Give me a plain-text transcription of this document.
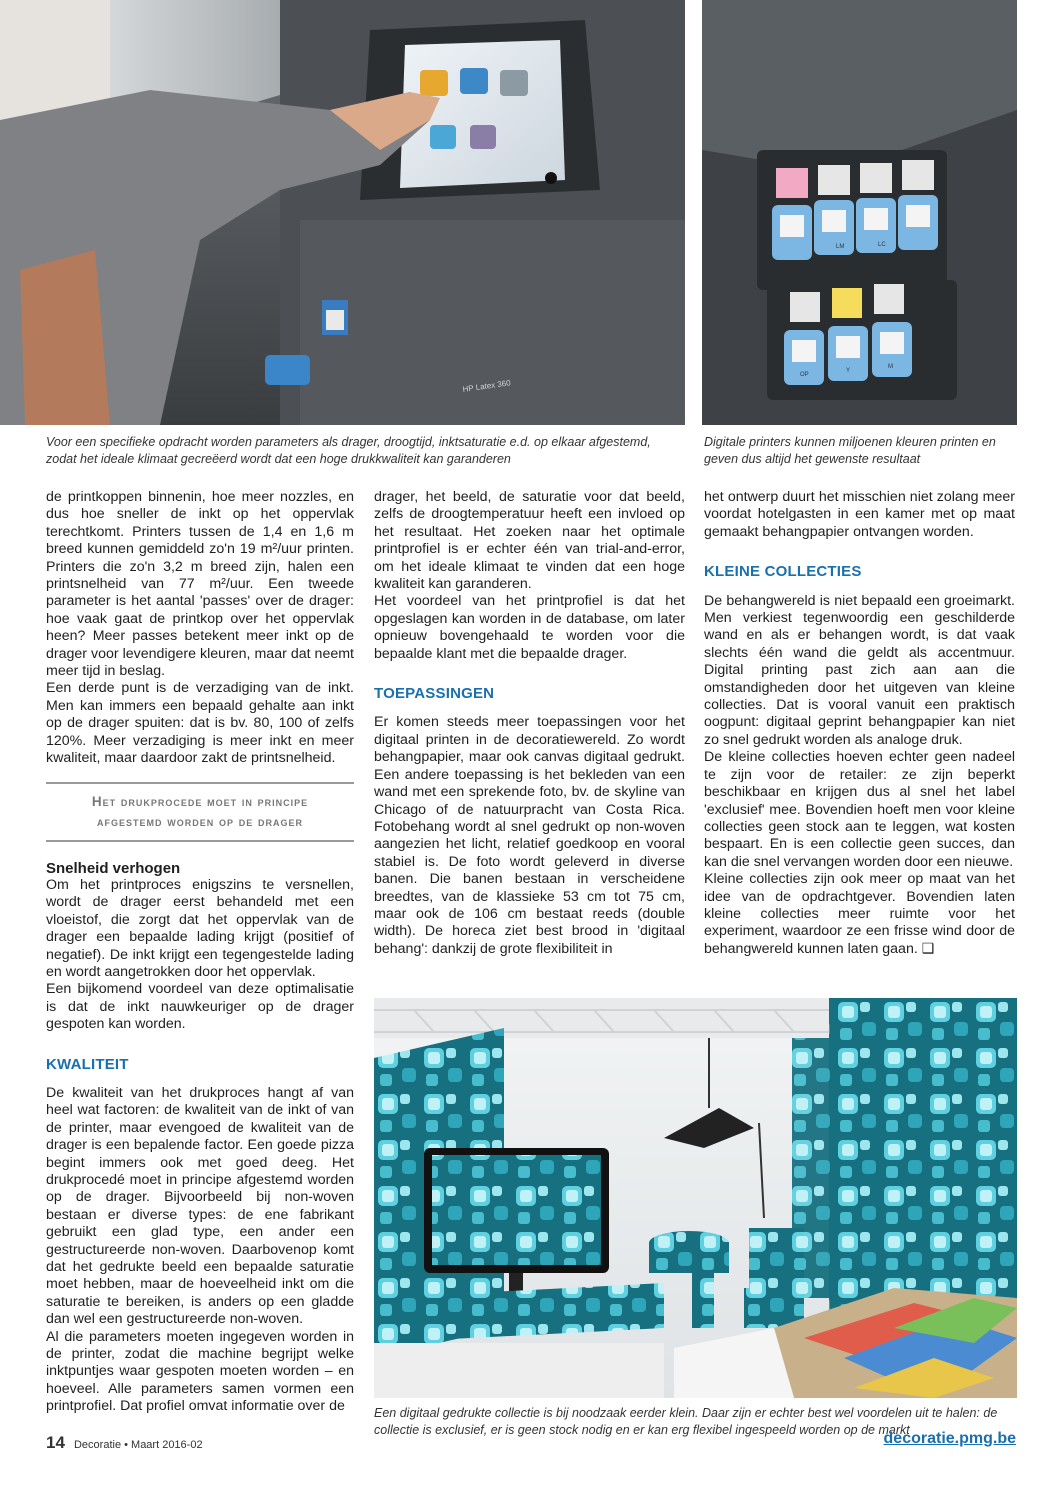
HP Latex 360
LM	LC
OP
Y
M
Voor een specifieke opdracht worden parameters als drager, droogtijd, inktsaturatie e.d. op elkaar afgestemd, zodat het ideale klimaat gecreëerd wordt dat een hoge drukkwaliteit kan garanderen
Digitale printers kunnen miljoenen kleuren printen en geven dus altijd het gewenste resultaat

de printkoppen binnenin, hoe meer nozzles, en dus hoe sneller de inkt op het oppervlak terechtkomt. Printers tussen de 1,4 en 1,6 m breed kunnen gemiddeld zo'n 19 m²/uur printen. Printers die zo'n 3,2 m breed zijn, halen een printsnelheid van 77 m²/uur. Een tweede parameter is het aantal 'passes' over de drager: hoe vaak gaat de printkop over het oppervlak heen? Meer passes betekent meer inkt op de drager voor levendigere kleuren, maar dat neemt meer tijd in beslag.

Een derde punt is de verzadiging van de inkt. Men kan immers een bepaald gehalte aan inkt op de drager spuiten: dat is bv. 80, 100 of zelfs 120%. Meer verzadiging is meer inkt en meer kwaliteit, maar daardoor zakt de printsnelheid.

Het drukprocede moet in principe
afgestemd worden op de drager

Snelheid verhogen

Om het printproces enigszins te versnellen, wordt de drager eerst behandeld met een vloeistof, die zorgt dat het oppervlak van de drager een bepaalde lading krijgt (positief of negatief). De inkt krijgt een tegengestelde lading en wordt aangetrokken door het oppervlak.

Een bijkomend voordeel van deze optimalisatie is dat de inkt nauwkeuriger op de drager gespoten kan worden.

KWALITEIT

De kwaliteit van het drukproces hangt af van heel wat factoren: de kwaliteit van de inkt of van de printer, maar evengoed de kwaliteit van de drager is een bepalende factor. Een goede pizza begint immers ook met goed deeg. Het drukprocedé moet in principe afgestemd worden op de drager. Bijvoorbeeld bij non-woven bestaan er diverse types: de ene fabrikant gebruikt een glad type, een ander een gestructureerde non-woven. Daarbovenop komt dat het gedrukte beeld een bepaalde saturatie moet hebben, maar de hoeveelheid inkt om die saturatie te bereiken, is anders op een gladde dan wel een gestructureerde non-woven.

Al die parameters moeten ingegeven worden in de printer, zodat die machine begrijpt welke inktpuntjes waar gespoten moeten worden – en hoeveel. Alle parameters samen vormen een printprofiel. Dat profiel omvat informatie over de

drager, het beeld, de saturatie voor dat beeld, zelfs de droogtemperatuur heeft een invloed op het resultaat. Het zoeken naar het optimale printprofiel is er echter één van trial-and-error, om het ideale klimaat te vinden dat een hoge kwaliteit kan garanderen.

Het voordeel van het printprofiel is dat het opgeslagen kan worden in de database, om later opnieuw bovengehaald te worden voor die bepaalde klant met die bepaalde drager.

TOEPASSINGEN

Er komen steeds meer toepassingen voor het digitaal printen in de decoratiewereld. Zo wordt behangpapier, maar ook canvas digitaal gedrukt. Een andere toepassing is het bekleden van een wand met een sprekende foto, bv. de skyline van Chicago of de natuurpracht van Costa Rica. Fotobehang wordt al snel gedrukt op non-woven aangezien het licht, relatief goedkoop en vooral stabiel is. De foto wordt geleverd in diverse banen. Die banen bestaan in verscheidene breedtes, van de klassieke 53 cm tot 75 cm, maar ook de 106 cm bestaat reeds (double width). De horeca ziet best brood in 'digitaal behang': dankzij de grote flexibiliteit in

het ontwerp duurt het misschien niet zolang meer voordat hotelgasten in een kamer met op maat gemaakt behangpapier ontvangen worden.

KLEINE COLLECTIES

De behangwereld is niet bepaald een groeimarkt. Men verkiest tegenwoordig een geschilderde wand en als er behangen wordt, is dat vaak slechts één wand die geldt als accentmuur. Digital printing past zich aan aan die omstandigheden door het uitgeven van kleine collecties. Dat is vooral vanuit een praktisch oogpunt: digitaal geprint behangpapier kan niet zo snel gedrukt worden als analoge druk.

De kleine collecties hoeven echter geen nadeel te zijn voor de retailer: ze zijn beperkt beschikbaar en krijgen dus al snel het label 'exclusief' mee. Bovendien hoeft men voor kleine collecties geen stock aan te leggen, wat kosten bespaart. En is een collectie geen succes, dan kan die snel vervangen worden door een nieuwe.

Kleine collecties zijn ook meer op maat van het idee van de opdrachtgever. Bovendien laten kleine collecties meer ruimte voor het experiment, waardoor ze een frisse wind door de behangwereld kunnen laten gaan. ❑

Een digitaal gedrukte collectie is bij noodzaak eerder klein. Daar zijn er echter best wel voordelen uit te halen: de collectie is exclusief, er is geen stock nodig en er kan erg flexibel ingespeeld worden op de markt
14 Decoratie • Maart 2016-02	decoratie.pmg.be
